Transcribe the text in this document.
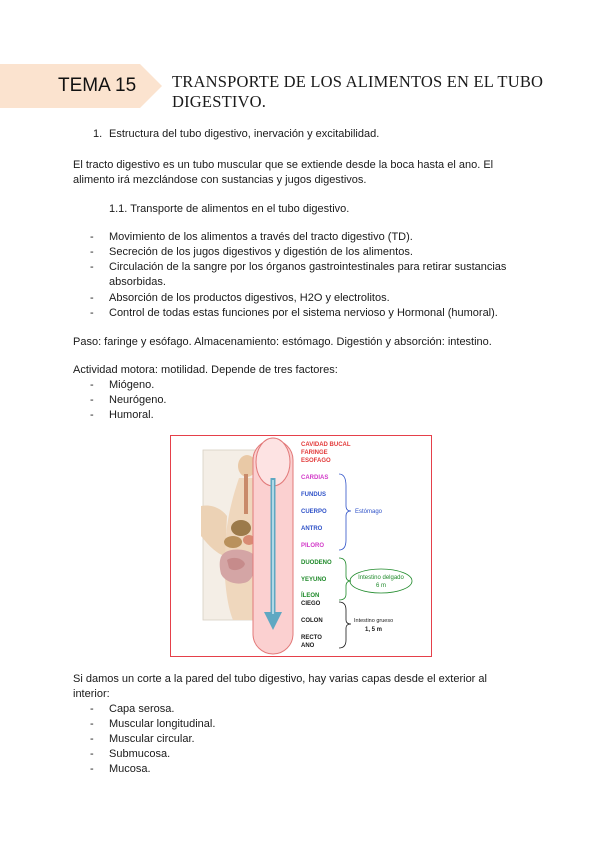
TEMA 15 TRANSPORTE DE LOS ALIMENTOS EN EL TUBO DIGESTIVO.
1. Estructura del tubo digestivo, inervación y excitabilidad.
El tracto digestivo es un tubo muscular que se extiende desde la boca hasta el ano. El
alimento irá mezclándose con sustancias y jugos digestivos.
1.1. Transporte de alimentos en el tubo digestivo.
- Movimiento de los alimentos a través del tracto digestivo (TD).
- Secreción de los jugos digestivos y digestión de los alimentos.
- Circulación de la sangre por los órganos gastrointestinales para retirar sustancias
absorbidas.
- Absorción de los productos digestivos, H2O y electrolitos.
- Control de todas estas funciones por el sistema nervioso y Hormonal (humoral).
Paso: faringe y esófago. Almacenamiento: estómago. Digestión y absorción: intestino.
Actividad motora: motilidad. Depende de tres factores:
- Miógeno.
- Neurógeno.
- Humoral.
CAVIDAD BUCAL
FARINGE
ESOFAGO
CARDIAS
FUNDUS
CUERPO
ANTRO
PILORO
DUODENO
YEYUNO
ÍLEON
CIEGO
COLON
RECTO
ANO
Estómago
Intestino delgado
6 m
Intestino grueso
1, 5 m
Si damos un corte a la pared del tubo digestivo, hay varias capas desde el exterior al
interior:
- Capa serosa.
- Muscular longitudinal.
- Muscular circular.
- Submucosa.
- Mucosa.
